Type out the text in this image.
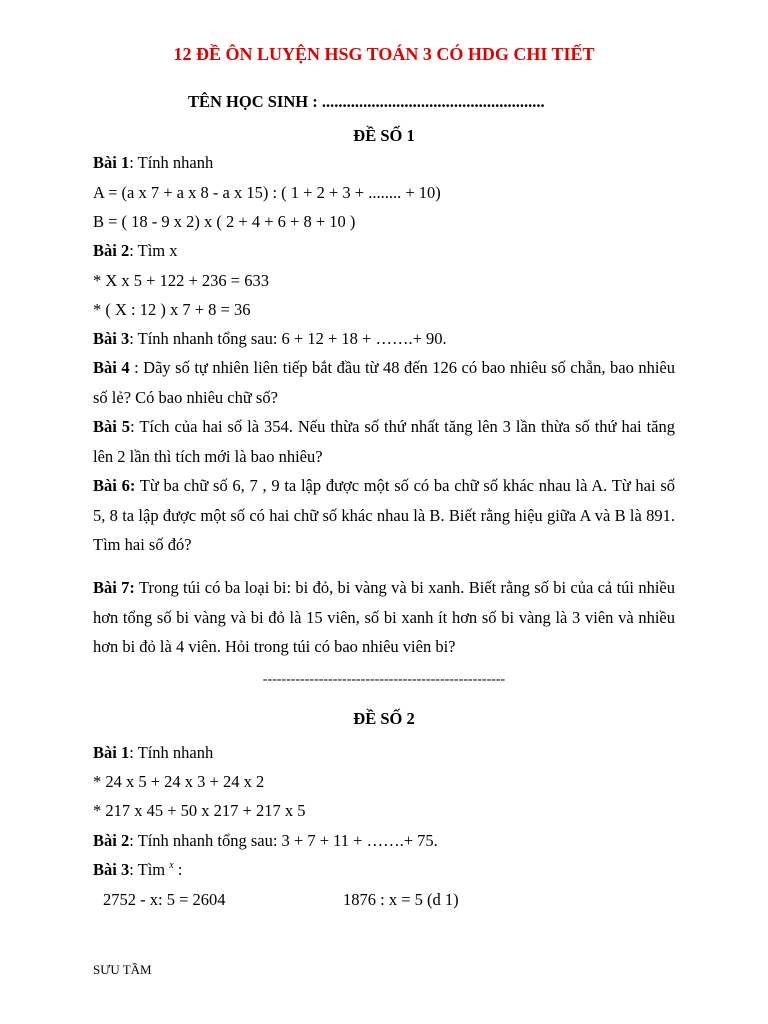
12 ĐỀ ÔN LUYỆN HSG TOÁN 3 CÓ HDG CHI TIẾT
TÊN HỌC SINH : ......................................................
ĐỀ SỐ 1
Bài 1: Tính nhanh
A = (a x 7 + a x 8 - a x 15) : ( 1 + 2 + 3 + ........ + 10)
B = ( 18 - 9 x 2) x ( 2 + 4 + 6 + 8 + 10 )
Bài 2: Tìm x
* X x 5 + 122 + 236 = 633
* ( X : 12 ) x 7 + 8 = 36
Bài 3: Tính nhanh tổng sau: 6 + 12 + 18 + …….+ 90.
Bài 4 : Dãy số tự nhiên liên tiếp bắt đầu từ 48 đến 126 có bao nhiêu số chẵn, bao nhiêu số lẻ? Có bao nhiêu chữ số?
Bài 5: Tích của hai số là 354. Nếu thừa số thứ nhất tăng lên 3 lần thừa số thứ hai tăng lên 2 lần thì tích mới là bao nhiêu?
Bài 6: Từ ba chữ số 6, 7 , 9 ta lập được một số có ba chữ số khác nhau là A. Từ hai số 5, 8 ta lập được một số có hai chữ số khác nhau là B. Biết rằng hiệu giữa A và B là 891. Tìm hai số đó?
Bài 7: Trong túi có ba loại bi: bi đỏ, bi vàng và bi xanh. Biết rằng số bi của cả túi nhiều hơn tổng số bi vàng và bi đỏ là 15 viên, số bi xanh ít hơn số bi vàng là 3 viên và nhiều hơn bi đỏ là 4 viên. Hỏi trong túi có bao nhiêu viên bi?
----------------------------------------------------
ĐỀ SỐ 2
Bài 1: Tính nhanh
* 24 x 5 + 24 x 3 + 24 x 2
* 217 x 45 + 50 x 217 + 217 x 5
Bài 2: Tính nhanh tổng sau: 3 + 7 + 11 + …….+ 75.
Bài 3: Tìm $^x$ :
2752 - x: 5 = 2604	1876 : x = 5 (d 1)
SƯU TẦM
